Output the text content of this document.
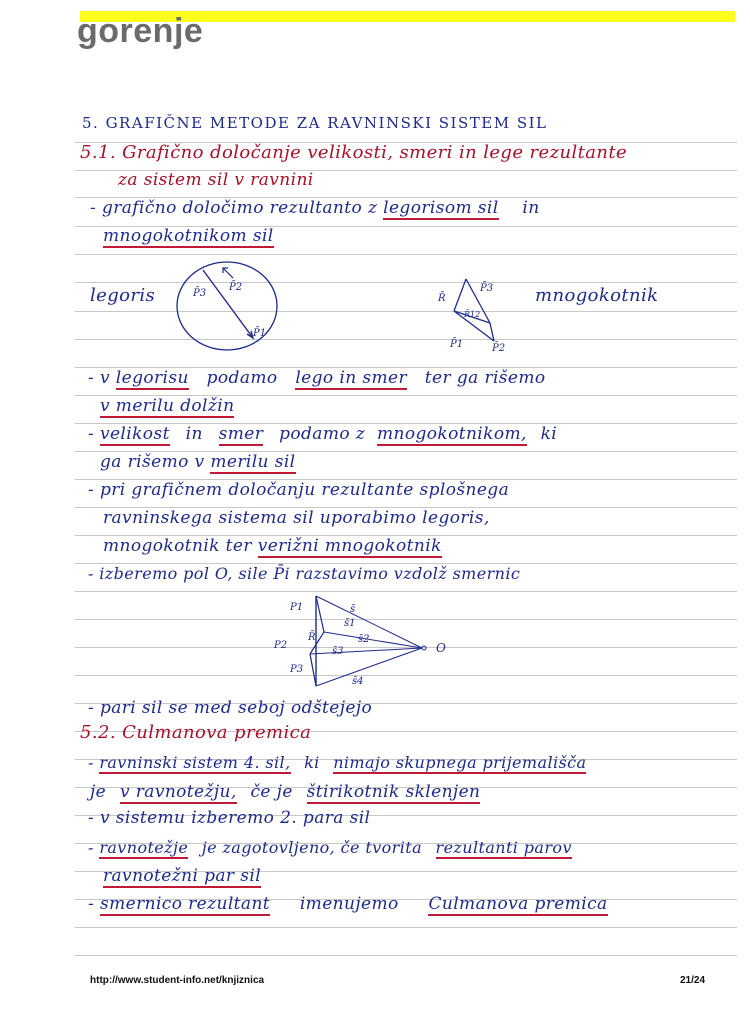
gorenje
5. GRAFIČNE METODE ZA RAVNINSKI SISTEM SIL
5.1. Grafično določanje velikosti, smeri in lege rezultante
za sistem sil v ravnini
- grafično določimo rezultanto z legorisom sil in
mnogokotnikom sil
legoris	mnogokotnik
P̄3
P̄2
P̄1
R̄
P̄3
R̄12
P̄1	P̄2
- v legorisu podamo lego in smer ter ga rišemo
v merilu dolžin
- velikost in smer podamo z mnogokotnikom, ki
ga rišemo v merilu sil
- pri grafičnem določanju rezultante splošnega
ravninskega sistema sil uporabimo legoris,
mnogokotnik ter verižni mnogokotnik
- izberemo pol O, sile P̄i razstavimo vzdolž smernic
P1
P2
P3
R̄
s̄
s̄1
s̄2
s̄3
s̄4
O
- pari sil se med seboj odštejejo
5.2. Culmanova premica
- ravninski sistem 4. sil, ki nimajo skupnega prijemališča
je v ravnotežju, če je štirikotnik sklenjen
- v sistemu izberemo 2. para sil
- ravnotežje je zagotovljeno, če tvorita rezultanti parov
ravnotežni par sil
- smernico rezultant imenujemo Culmanova premica
http://www.student-info.net/knjiznica	21/24
